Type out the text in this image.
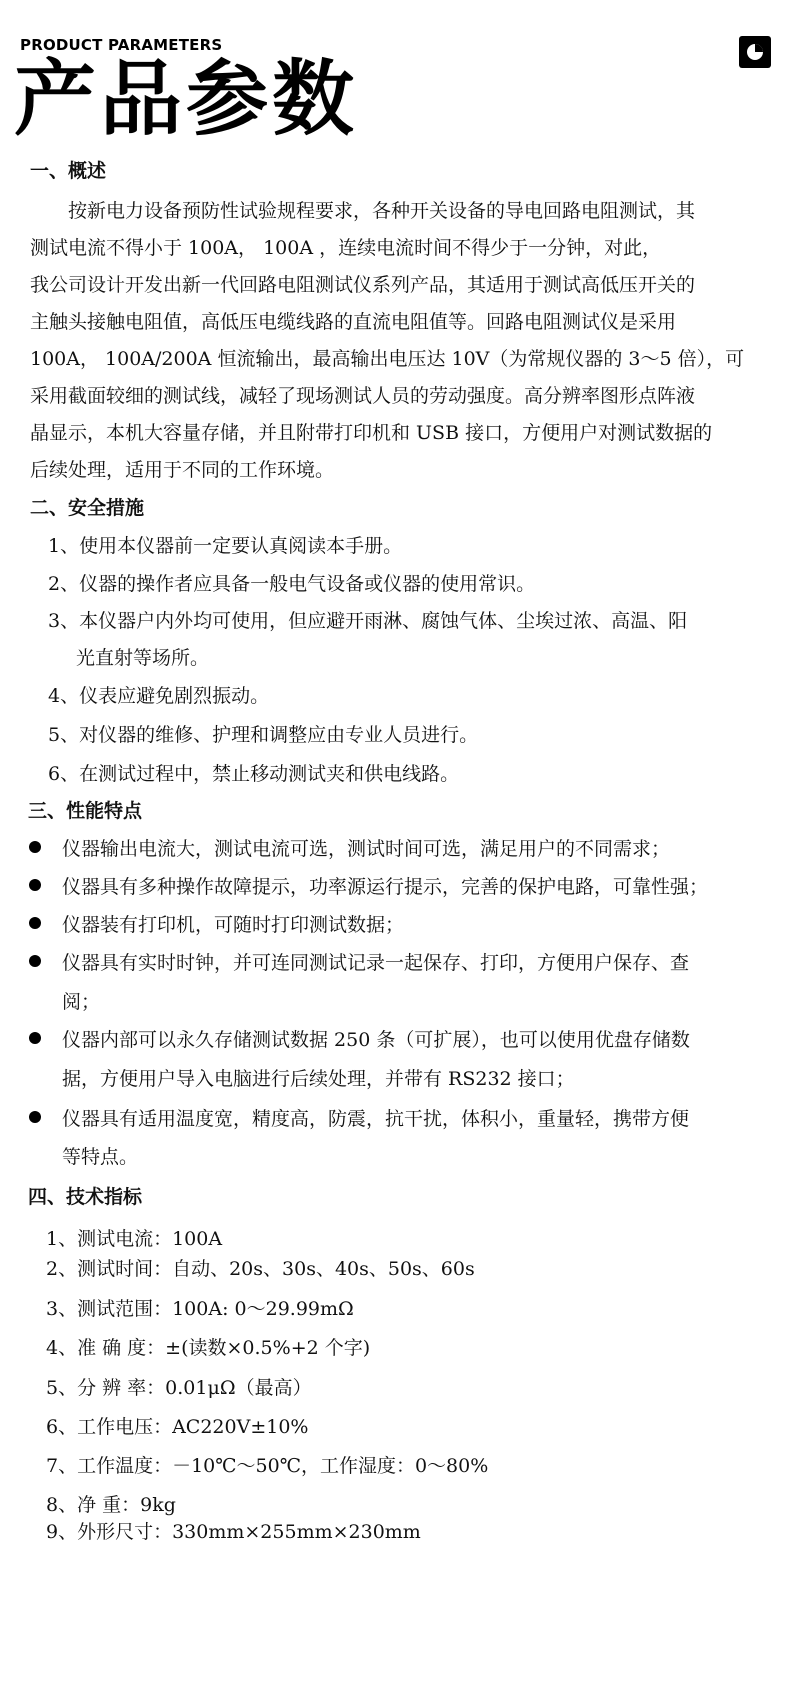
PRODUCT PARAMETERS
产品参数
一、概述
按新电力设备预防性试验规程要求，各种开关设备的导电回路电阻测试，其
测试电流不得小于 100A， 100A ，连续电流时间不得少于一分钟，对此，
我公司设计开发出新一代回路电阻测试仪系列产品，其适用于测试高低压开关的
主触头接触电阻值，高低压电缆线路的直流电阻值等。回路电阻测试仪是采用
100A， 100A/200A 恒流输出，最高输出电压达 10V（为常规仪器的 3～5 倍），可
采用截面较细的测试线，减轻了现场测试人员的劳动强度。高分辨率图形点阵液
晶显示，本机大容量存储，并且附带打印机和 USB 接口，方便用户对测试数据的
后续处理，适用于不同的工作环境。
二、安全措施
1、使用本仪器前一定要认真阅读本手册。
2、仪器的操作者应具备一般电气设备或仪器的使用常识。
3、本仪器户内外均可使用，但应避开雨淋、腐蚀气体、尘埃过浓、高温、阳
光直射等场所。
4、仪表应避免剧烈振动。
5、对仪器的维修、护理和调整应由专业人员进行。
6、在测试过程中，禁止移动测试夹和供电线路。
三、性能特点
仪器输出电流大，测试电流可选，测试时间可选，满足用户的不同需求；
仪器具有多种操作故障提示，功率源运行提示，完善的保护电路，可靠性强；
仪器装有打印机，可随时打印测试数据；
仪器具有实时时钟，并可连同测试记录一起保存、打印，方便用户保存、查
阅；
仪器内部可以永久存储测试数据 250 条（可扩展），也可以使用优盘存储数
据，方便用户导入电脑进行后续处理，并带有 RS232 接口；
仪器具有适用温度宽，精度高，防震，抗干扰，体积小，重量轻，携带方便
等特点。
四、技术指标
1、测试电流：100A
2、测试时间：自动、20s、30s、40s、50s、60s
3、测试范围：100A: 0～29.99mΩ
4、准 确 度：±(读数×0.5%+2 个字)
5、分 辨 率：0.01μΩ（最高）
6、工作电压：AC220V±10%
7、工作温度：－10℃～50℃，工作湿度：0～80%
8、净 重：9kg
9、外形尺寸：330mm×255mm×230mm
